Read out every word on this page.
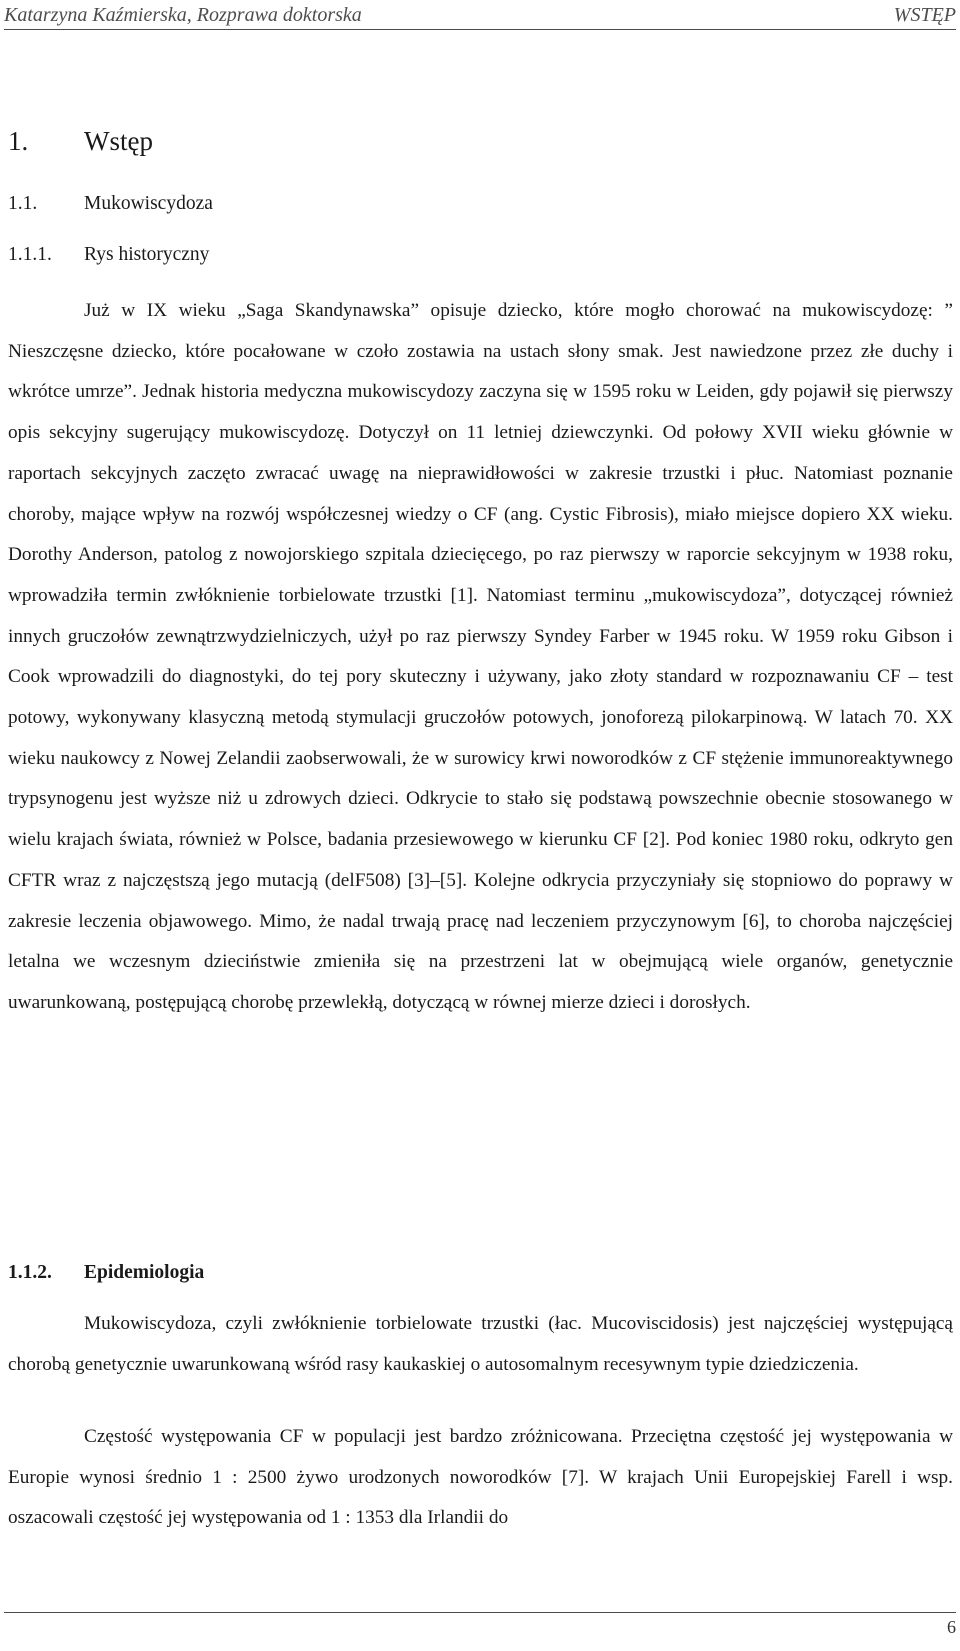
Katarzyna Kaźmierska, Rozprawa doktorska	WSTĘP
1.	Wstęp
1.1.	Mukowiscydoza
1.1.1.	Rys historyczny

Już w IX wieku „Saga Skandynawska” opisuje dziecko, które mogło chorować na mukowiscydozę: ” Nieszczęsne dziecko, które pocałowane w czoło zostawia na ustach słony smak. Jest nawiedzone przez złe duchy i wkrótce umrze”. Jednak historia medyczna mukowiscydozy zaczyna się w 1595 roku w Leiden, gdy pojawił się pierwszy opis sekcyjny sugerujący mukowiscydozę. Dotyczył on 11 letniej dziewczynki. Od połowy XVII wieku głównie w raportach sekcyjnych zaczęto zwracać uwagę na nieprawidłowości w zakresie trzustki i płuc. Natomiast poznanie choroby, mające wpływ na rozwój współczesnej wiedzy o CF (ang. Cystic Fibrosis), miało miejsce dopiero XX wieku. Dorothy Anderson, patolog z nowojorskiego szpitala dziecięcego, po raz pierwszy w raporcie sekcyjnym w 1938 roku, wprowadziła termin zwłóknienie torbielowate trzustki [1]. Natomiast terminu „mukowiscydoza”, dotyczącej również innych gruczołów zewnątrzwydzielniczych, użył po raz pierwszy Syndey Farber w 1945 roku. W 1959 roku Gibson i Cook wprowadzili do diagnostyki, do tej pory skuteczny i używany, jako złoty standard w rozpoznawaniu CF – test potowy, wykonywany klasyczną metodą stymulacji gruczołów potowych, jonoforezą pilokarpinową. W latach 70. XX wieku naukowcy z Nowej Zelandii zaobserwowali, że w surowicy krwi noworodków z CF stężenie immunoreaktywnego trypsynogenu jest wyższe niż u zdrowych dzieci. Odkrycie to stało się podstawą powszechnie obecnie stosowanego w wielu krajach świata, również w Polsce, badania przesiewowego w kierunku CF [2]. Pod koniec 1980 roku, odkryto gen CFTR wraz z najczęstszą jego mutacją (delF508) [3]–[5]. Kolejne odkrycia przyczyniały się stopniowo do poprawy w zakresie leczenia objawowego. Mimo, że nadal trwają pracę nad leczeniem przyczynowym [6], to choroba najczęściej letalna we wczesnym dzieciństwie zmieniła się na przestrzeni lat w obejmującą wiele organów, genetycznie uwarunkowaną, postępującą chorobę przewlekłą, dotyczącą w równej mierze dzieci i dorosłych.

1.1.2.	Epidemiologia

Mukowiscydoza, czyli zwłóknienie torbielowate trzustki (łac. Mucoviscidosis) jest najczęściej występującą chorobą genetycznie uwarunkowaną wśród rasy kaukaskiej o autosomalnym recesywnym typie dziedziczenia.

Częstość występowania CF w populacji jest bardzo zróżnicowana. Przeciętna częstość jej występowania w Europie wynosi średnio 1 : 2500 żywo urodzonych noworodków [7]. W krajach Unii Europejskiej Farell i wsp. oszacowali częstość jej występowania od 1 : 1353 dla Irlandii do

6
